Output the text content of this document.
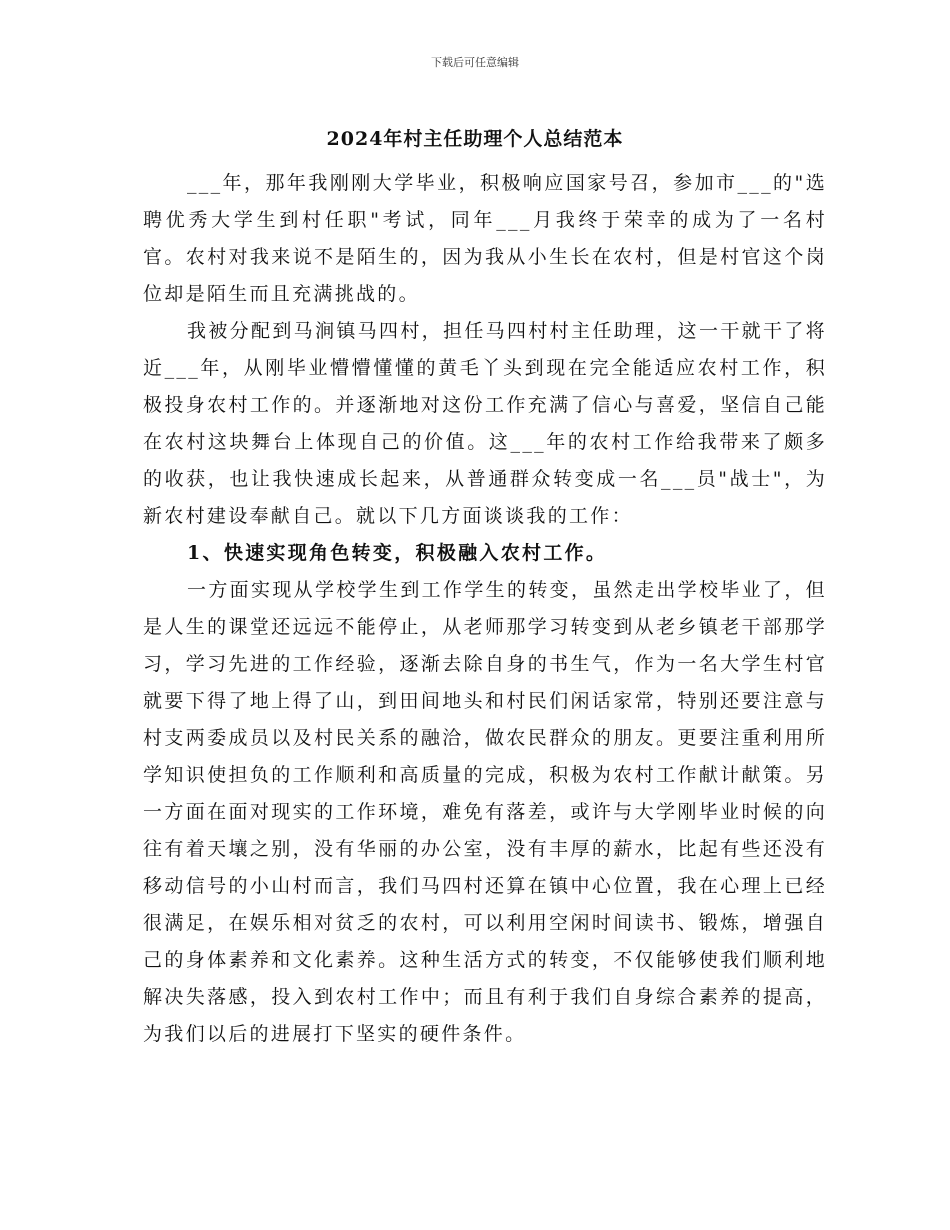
下载后可任意编辑
2024年村主任助理个人总结范本

___年，那年我刚刚大学毕业，积极响应国家号召，参加市___的"选聘优秀大学生到村任职"考试，同年___月我终于荣幸的成为了一名村官。农村对我来说不是陌生的，因为我从小生长在农村，但是村官这个岗位却是陌生而且充满挑战的。

我被分配到马涧镇马四村，担任马四村村主任助理，这一干就干了将近___年，从刚毕业懵懵懂懂的黄毛丫头到现在完全能适应农村工作，积极投身农村工作的。并逐渐地对这份工作充满了信心与喜爱，坚信自己能在农村这块舞台上体现自己的价值。这___年的农村工作给我带来了颇多的收获，也让我快速成长起来，从普通群众转变成一名___员"战士"，为新农村建设奉献自己。就以下几方面谈谈我的工作：

1、快速实现角色转变，积极融入农村工作。

一方面实现从学校学生到工作学生的转变，虽然走出学校毕业了，但是人生的课堂还远远不能停止，从老师那学习转变到从老乡镇老干部那学习，学习先进的工作经验，逐渐去除自身的书生气，作为一名大学生村官就要下得了地上得了山，到田间地头和村民们闲话家常，特别还要注意与村支两委成员以及村民关系的融洽，做农民群众的朋友。更要注重利用所学知识使担负的工作顺利和高质量的完成，积极为农村工作献计献策。另一方面在面对现实的工作环境，难免有落差，或许与大学刚毕业时候的向往有着天壤之别，没有华丽的办公室，没有丰厚的薪水，比起有些还没有移动信号的小山村而言，我们马四村还算在镇中心位置，我在心理上已经很满足，在娱乐相对贫乏的农村，可以利用空闲时间读书、锻炼，增强自己的身体素养和文化素养。这种生活方式的转变，不仅能够使我们顺利地解决失落感，投入到农村工作中；而且有利于我们自身综合素养的提高，为我们以后的进展打下坚实的硬件条件。
